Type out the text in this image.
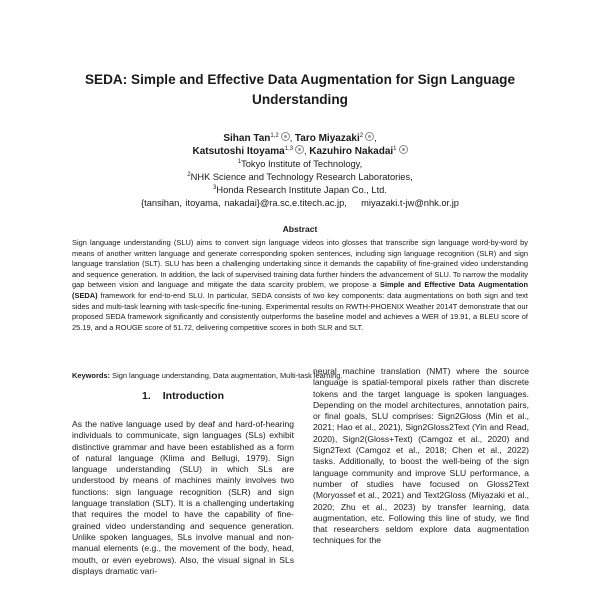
SEDA: Simple and Effective Data Augmentation for Sign Language Understanding
Sihan Tan$^{1,2}$ , Taro Miyazaki$^2$ ,
Katsutoshi Itoyama$^{1,3}$ , Kazuhiro Nakadai$^1$
$^1$Tokyo Institute of Technology,
$^2$NHK Science and Technology Research Laboratories,
$^3$Honda Research Institute Japan Co., Ltd.
{tansihan, itoyama, nakadai}@ra.sc.e.titech.ac.jp,    miyazaki.t-jw@nhk.or.jp
Abstract
Sign language understanding (SLU) aims to convert sign language videos into glosses that transcribe sign language word-by-word by means of another written language and generate corresponding spoken sentences, including sign language recognition (SLR) and sign language translation (SLT). SLU has been a challenging undertaking since it demands the capability of fine-grained video understanding and sequence generation. In addition, the lack of supervised training data further hinders the advancement of SLU. To narrow the modality gap between vision and language and mitigate the data scarcity problem, we propose a Simple and Effective Data Augmentation (SEDA) framework for end-to-end SLU. In particular, SEDA consists of two key components: data augmentations on both sign and text sides and multi-task learning with task-specific fine-tuning. Experimental results on RWTH-PHOENIX Weather 2014T demonstrate that our proposed SEDA framework significantly and consistently outperforms the baseline model and achieves a WER of 19.91, a BLEU score of 25.19, and a ROUGE score of 51.72, delivering competitive scores in both SLR and SLT.
Keywords: Sign language understanding, Data augmentation, Multi-task learning.
1. Introduction
As the native language used by deaf and hard-of-hearing individuals to communicate, sign languages (SLs) exhibit distinctive grammar and have been established as a form of natural language (Klima and Bellugi, 1979). Sign language understanding (SLU) in which SLs are understood by means of machines mainly involves two functions: sign language recognition (SLR) and sign language translation (SLT). It is a challenging undertaking that requires the model to have the capability of fine-grained video understanding and sequence generation. Unlike spoken languages, SLs involve manual and non-manual elements (e.g., the movement of the body, head, mouth, or even eyebrows). Also, the visual signal in SLs displays dramatic vari-
neural machine translation (NMT) where the source language is spatial-temporal pixels rather than discrete tokens and the target language is spoken languages. Depending on the model architectures, annotation pairs, or final goals, SLU comprises: Sign2Gloss (Min et al., 2021; Hao et al., 2021), Sign2Gloss2Text (Yin and Read, 2020), Sign2(Gloss+Text) (Camgoz et al., 2020) and Sign2Text (Camgoz et al., 2018; Chen et al., 2022) tasks. Additionally, to boost the well-being of the sign language community and improve SLU performance, a number of studies have focused on Gloss2Text (Moryossef et al., 2021) and Text2Gloss (Miyazaki et al., 2020; Zhu et al., 2023) by transfer learning, data augmentation, etc. Following this line of study, we find that researchers seldom explore data augmentation techniques for the
